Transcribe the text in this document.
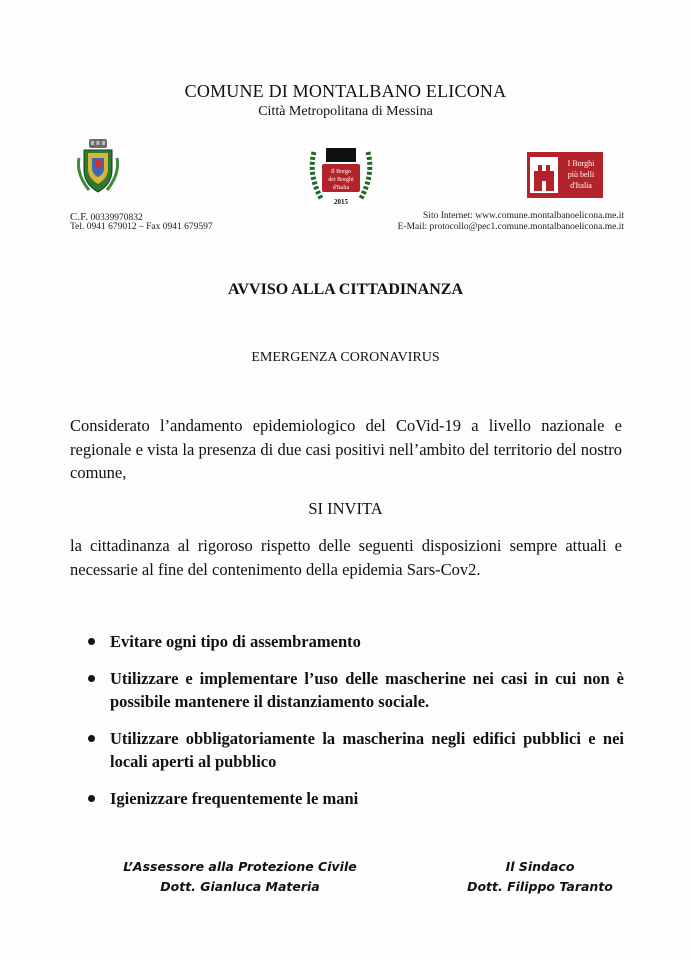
COMUNE DI MONTALBANO ELICONA
Città Metropolitana di Messina
Il Borgo
dei Borghi
d'Italia
2015
I Borghi
più belli
d'Italia
C.F. 00339970832
Tel. 0941 679012 – Fax 0941 679597
Sito Internet: www.comune.montalbanoelicona.me.it
E-Mail: protocollo@pec1.comune.montalbanoelicona.me.it
AVVISO ALLA CITTADINANZA
EMERGENZA CORONAVIRUS
Considerato l’andamento epidemiologico del CoVid-19 a livello nazionale e regionale e vista la presenza di due casi positivi nell’ambito del territorio del nostro comune,
SI INVITA
la cittadinanza al rigoroso rispetto delle seguenti disposizioni sempre attuali e necessarie al fine del contenimento della epidemia Sars-Cov2.
Evitare ogni tipo di assembramento
Utilizzare e implementare l’uso delle mascherine nei casi in cui non è possibile mantenere il distanziamento sociale.
Utilizzare obbligatoriamente la mascherina negli edifici pubblici e nei locali aperti al pubblico
Igienizzare frequentemente le mani
L’Assessore alla Protezione Civile
Dott. Gianluca Materia
Il Sindaco
Dott. Filippo Taranto
